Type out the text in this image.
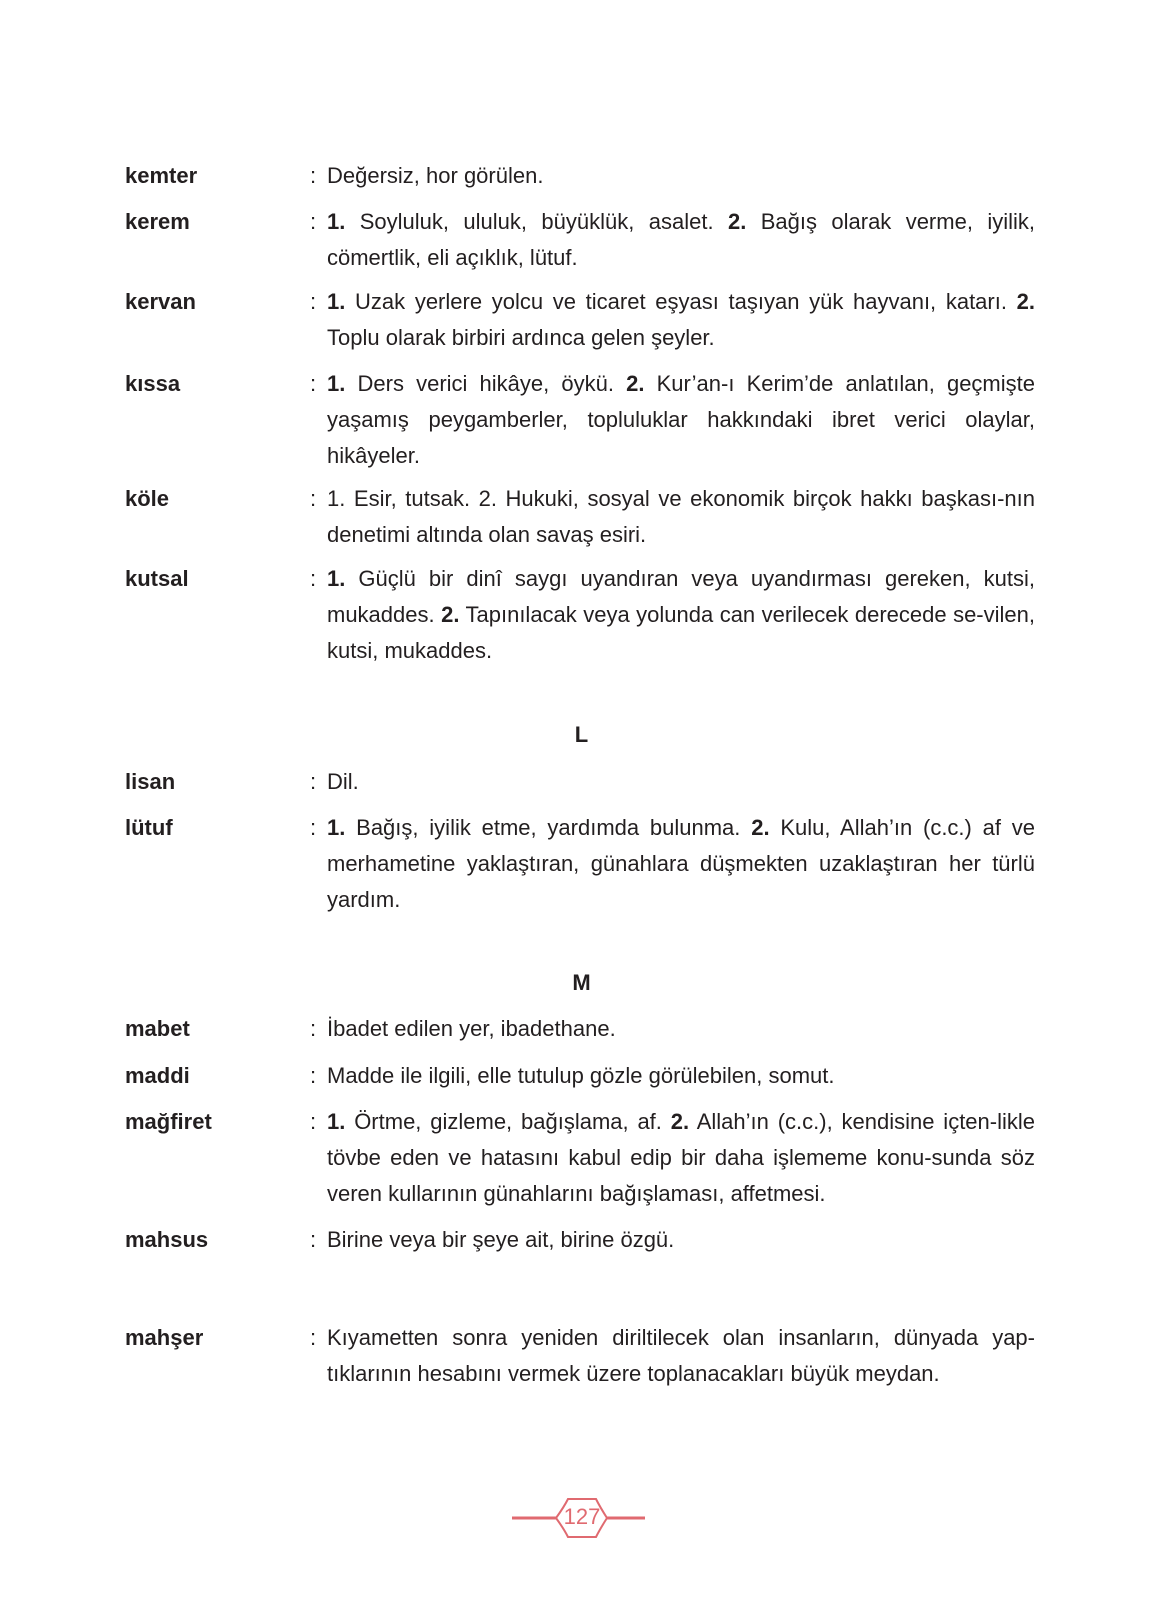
kemter	: Değersiz, hor görülen.
kerem	: 1. Soyluluk, ululuk, büyüklük, asalet. 2. Bağış olarak verme, iyilik, cömertlik, eli açıklık, lütuf.
kervan	: 1. Uzak yerlere yolcu ve ticaret eşyası taşıyan yük hayvanı, katarı. 2. Toplu olarak birbiri ardınca gelen şeyler.
kıssa	: 1. Ders verici hikâye, öykü. 2. Kur’an-ı Kerim’de anlatılan, geçmişte yaşamış peygamberler, topluluklar hakkındaki ibret verici olaylar, hikâyeler.
köle	: 1. Esir, tutsak. 2. Hukuki, sosyal ve ekonomik birçok hakkı başkası-nın denetimi altında olan savaş esiri.
kutsal	: 1. Güçlü bir dinî saygı uyandıran veya uyandırması gereken, kutsi, mukaddes. 2. Tapınılacak veya yolunda can verilecek derecede se-vilen, kutsi, mukaddes.
L
lisan	: Dil.
lütuf	: 1. Bağış, iyilik etme, yardımda bulunma. 2. Kulu, Allah’ın (c.c.) af ve merhametine yaklaştıran, günahlara düşmekten uzaklaştıran her türlü yardım.
M
mabet	: İbadet edilen yer, ibadethane.
maddi	: Madde ile ilgili, elle tutulup gözle görülebilen, somut.
mağfiret	: 1. Örtme, gizleme, bağışlama, af. 2. Allah’ın (c.c.), kendisine içten-likle tövbe eden ve hatasını kabul edip bir daha işlememe konu-sunda söz veren kullarının günahlarını bağışlaması, affetmesi.
mahsus	: Birine veya bir şeye ait, birine özgü.
mahşer	: Kıyametten sonra yeniden diriltilecek olan insanların, dünyada yap-tıklarının hesabını vermek üzere toplanacakları büyük meydan.
127
